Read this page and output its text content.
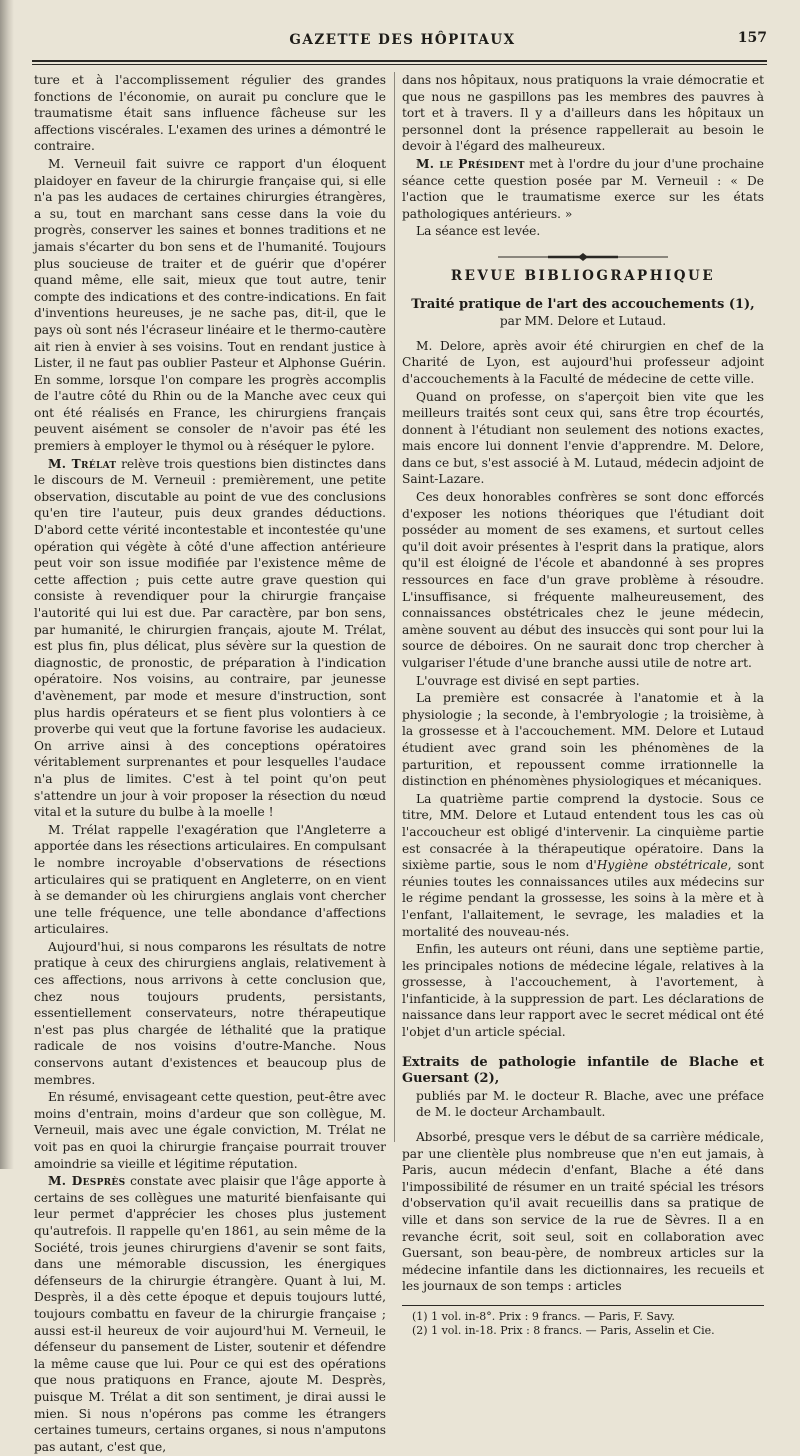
GAZETTE DES HÔPITAUX	157

ture et à l'accomplissement régulier des grandes fonctions de l'économie, on aurait pu conclure que le traumatisme était sans influence fâcheuse sur les affections viscérales. L'examen des urines a démontré le contraire.

M. Verneuil fait suivre ce rapport d'un éloquent plaidoyer en faveur de la chirurgie française qui, si elle n'a pas les audaces de certaines chirurgies étrangères, a su, tout en marchant sans cesse dans la voie du progrès, conserver les saines et bonnes traditions et ne jamais s'écarter du bon sens et de l'humanité. Toujours plus soucieuse de traiter et de guérir que d'opérer quand même, elle sait, mieux que tout autre, tenir compte des indications et des contre-indications. En fait d'inventions heureuses, je ne sache pas, dit-il, que le pays où sont nés l'écraseur linéaire et le thermo-cautère ait rien à envier à ses voisins. Tout en rendant justice à Lister, il ne faut pas oublier Pasteur et Alphonse Guérin. En somme, lorsque l'on compare les progrès accomplis de l'autre côté du Rhin ou de la Manche avec ceux qui ont été réalisés en France, les chirurgiens français peuvent aisément se consoler de n'avoir pas été les premiers à employer le thymol ou à réséquer le pylore.

M. Trélat relève trois questions bien distinctes dans le discours de M. Verneuil : premièrement, une petite observation, discutable au point de vue des conclusions qu'en tire l'auteur, puis deux grandes déductions. D'abord cette vérité incontestable et incontestée qu'une opération qui végète à côté d'une affection antérieure peut voir son issue modifiée par l'existence même de cette affection ; puis cette autre grave question qui consiste à revendiquer pour la chirurgie française l'autorité qui lui est due. Par caractère, par bon sens, par humanité, le chirurgien français, ajoute M. Trélat, est plus fin, plus délicat, plus sévère sur la question de diagnostic, de pronostic, de préparation à l'indication opératoire. Nos voisins, au contraire, par jeunesse d'avènement, par mode et mesure d'instruction, sont plus hardis opérateurs et se fient plus volontiers à ce proverbe qui veut que la fortune favorise les audacieux. On arrive ainsi à des conceptions opératoires véritablement surprenantes et pour lesquelles l'audace n'a plus de limites. C'est à tel point qu'on peut s'attendre un jour à voir proposer la résection du nœud vital et la suture du bulbe à la moelle !

M. Trélat rappelle l'exagération que l'Angleterre a apportée dans les résections articulaires. En compulsant le nombre incroyable d'observations de résections articulaires qui se pratiquent en Angleterre, on en vient à se demander où les chirurgiens anglais vont chercher une telle fréquence, une telle abondance d'affections articulaires.

Aujourd'hui, si nous comparons les résultats de notre pratique à ceux des chirurgiens anglais, relativement à ces affections, nous arrivons à cette conclusion que, chez nous toujours prudents, persistants, essentiellement conservateurs, notre thérapeutique n'est pas plus chargée de léthalité que la pratique radicale de nos voisins d'outre-Manche. Nous conservons autant d'existences et beaucoup plus de membres.

En résumé, envisageant cette question, peut-être avec moins d'entrain, moins d'ardeur que son collègue, M. Verneuil, mais avec une égale conviction, M. Trélat ne voit pas en quoi la chirurgie française pourrait trouver amoindrie sa vieille et légitime réputation.

M. Desprès constate avec plaisir que l'âge apporte à certains de ses collègues une maturité bienfaisante qui leur permet d'apprécier les choses plus justement qu'autrefois. Il rappelle qu'en 1861, au sein même de la Société, trois jeunes chirurgiens d'avenir se sont faits, dans une mémorable discussion, les énergiques défenseurs de la chirurgie étrangère. Quant à lui, M. Desprès, il a dès cette époque et depuis toujours lutté, toujours combattu en faveur de la chirurgie française ; aussi est-il heureux de voir aujourd'hui M. Verneuil, le défenseur du pansement de Lister, soutenir et défendre la même cause que lui. Pour ce qui est des opérations que nous pratiquons en France, ajoute M. Desprès, puisque M. Trélat a dit son sentiment, je dirai aussi le mien. Si nous n'opérons pas comme les étrangers certaines tumeurs, certains organes, si nous n'amputons pas autant, c'est que,

dans nos hôpitaux, nous pratiquons la vraie démocratie et que nous ne gaspillons pas les membres des pauvres à tort et à travers. Il y a d'ailleurs dans les hôpitaux un personnel dont la présence rappellerait au besoin le devoir à l'égard des malheureux.

M. le Président met à l'ordre du jour d'une prochaine séance cette question posée par M. Verneuil : « De l'action que le traumatisme exerce sur les états pathologiques antérieurs. »

La séance est levée.

REVUE BIBLIOGRAPHIQUE
Traité pratique de l'art des accouchements (1),
par MM. Delore et Lutaud.

M. Delore, après avoir été chirurgien en chef de la Charité de Lyon, est aujourd'hui professeur adjoint d'accouchements à la Faculté de médecine de cette ville.

Quand on professe, on s'aperçoit bien vite que les meilleurs traités sont ceux qui, sans être trop écourtés, donnent à l'étudiant non seulement des notions exactes, mais encore lui donnent l'envie d'apprendre. M. Delore, dans ce but, s'est associé à M. Lutaud, médecin adjoint de Saint-Lazare.

Ces deux honorables confrères se sont donc efforcés d'exposer les notions théoriques que l'étudiant doit posséder au moment de ses examens, et surtout celles qu'il doit avoir présentes à l'esprit dans la pratique, alors qu'il est éloigné de l'école et abandonné à ses propres ressources en face d'un grave problème à résoudre. L'insuffisance, si fréquente malheureusement, des connaissances obstétricales chez le jeune médecin, amène souvent au début des insuccès qui sont pour lui la source de déboires. On ne saurait donc trop chercher à vulgariser l'étude d'une branche aussi utile de notre art.

L'ouvrage est divisé en sept parties.

La première est consacrée à l'anatomie et à la physiologie ; la seconde, à l'embryologie ; la troisième, à la grossesse et à l'accouchement. MM. Delore et Lutaud étudient avec grand soin les phénomènes de la parturition, et repoussent comme irrationnelle la distinction en phénomènes physiologiques et mécaniques.

La quatrième partie comprend la dystocie. Sous ce titre, MM. Delore et Lutaud entendent tous les cas où l'accoucheur est obligé d'intervenir. La cinquième partie est consacrée à la thérapeutique opératoire. Dans la sixième partie, sous le nom d'Hygiène obstétricale, sont réunies toutes les connaissances utiles aux médecins sur le régime pendant la grossesse, les soins à la mère et à l'enfant, l'allaitement, le sevrage, les maladies et la mortalité des nouveau-nés.

Enfin, les auteurs ont réuni, dans une septième partie, les principales notions de médecine légale, relatives à la grossesse, à l'accouchement, à l'avortement, à l'infanticide, à la suppression de part. Les déclarations de naissance dans leur rapport avec le secret médical ont été l'objet d'un article spécial.

Extraits de pathologie infantile de Blache et Guersant (2),

publiés par M. le docteur R. Blache, avec une préface de M. le docteur Archambault.

Absorbé, presque vers le début de sa carrière médicale, par une clientèle plus nombreuse que n'en eut jamais, à Paris, aucun médecin d'enfant, Blache a été dans l'impossibilité de résumer en un traité spécial les trésors d'observation qu'il avait recueillis dans sa pratique de ville et dans son service de la rue de Sèvres. Il a en revanche écrit, soit seul, soit en collaboration avec Guersant, son beau-père, de nombreux articles sur la médecine infantile dans les dictionnaires, les recueils et les journaux de son temps : articles

(1) 1 vol. in-8°. Prix : 9 francs. — Paris, F. Savy.

(2) 1 vol. in-18. Prix : 8 francs. — Paris, Asselin et Cie.
